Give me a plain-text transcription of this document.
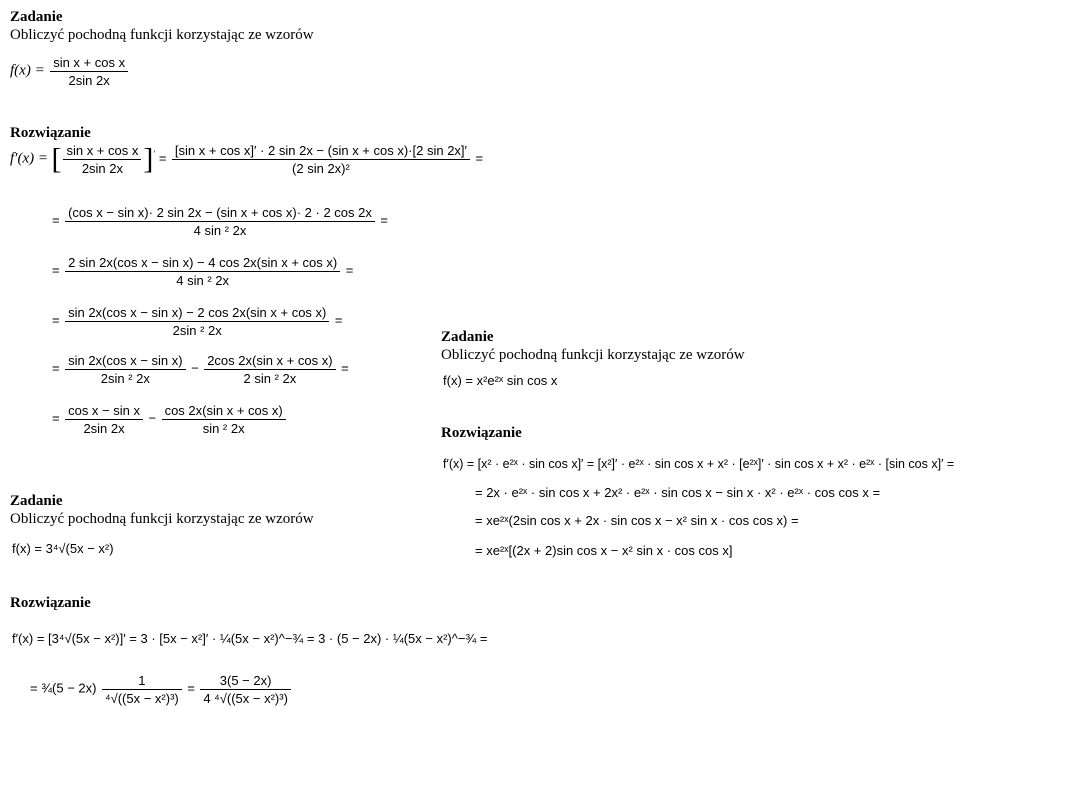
Zadanie
Obliczyć pochodną funkcji korzystając ze wzorów
$f(x) = \frac{\text{sin x + cos x}}{2\sin 2x}$
Rozwiązanie
f′(x) = [ $\frac{\text{sin x + cos x}}{2\sin 2x} ]' = \frac{\text{[sin x + cos x]′ · 2 sin 2x − (sin x + cos x)·[2 sin 2x]′}}{\text{(2 sin 2x)²}}$ =
= $\frac{\text{(cos x − sin x)· 2 sin 2x − (sin x + cos x)· 2 · 2 cos 2x}}{\text{4 sin ² 2x}}$ =
= $\frac{\text{2 sin 2x(cos x − sin x) − 4 cos 2x(sin x + cos x)}}{\text{4 sin ² 2x}}$ =
= $\frac{\text{sin 2x(cos x − sin x) − 2 cos 2x(sin x + cos x)}}{\text{2sin ² 2x}}$ =
= $\frac{\text{sin 2x(cos x − sin x)}}{\text{2sin ² 2x}} - \frac{\text{2cos 2x(sin x + cos x)}}{\text{2 sin ² 2x}}$ =
= $\frac{\text{cos x − sin x}}{2\sin 2x} - \frac{\text{cos 2x(sin x + cos x)}}{\text{sin ² 2x}}$
Zadanie
Obliczyć pochodną funkcji korzystając ze wzorów
f(x) = x²e²ˣ sin cos x
Rozwiązanie
f′(x) = [x² · e²ˣ · sin cos x]′ = [x²]′ · e²ˣ · sin cos x + x² · [e²ˣ]′ · sin cos x + x² · e²ˣ · [sin cos x]′ =
= 2x · e²ˣ · sin cos x + 2x² · e²ˣ · sin cos x − sin x · x² · e²ˣ · cos cos x =
= xe²ˣ(2sin cos x + 2x · sin cos x − x² sin x · cos cos x) =
= xe²ˣ[(2x + 2)sin cos x − x² sin x · cos cos x]
Zadanie
Obliczyć pochodną funkcji korzystając ze wzorów
f(x) = 3⁴√(5x − x²)
Rozwiązanie
f′(x) = [3⁴√(5x − x²)]′ = 3 · [5x − x²]′ · ¼(5x − x²)^−¾ = 3 · (5 − 2x) · ¼(5x − x²)^−¾ =
= ¾(5 − $2x) \frac{1}{\text{⁴√((5x − x²)³)}} = \frac{3(5 - 2x)}{\text{4 ⁴√((5x − x²)³)}}$
